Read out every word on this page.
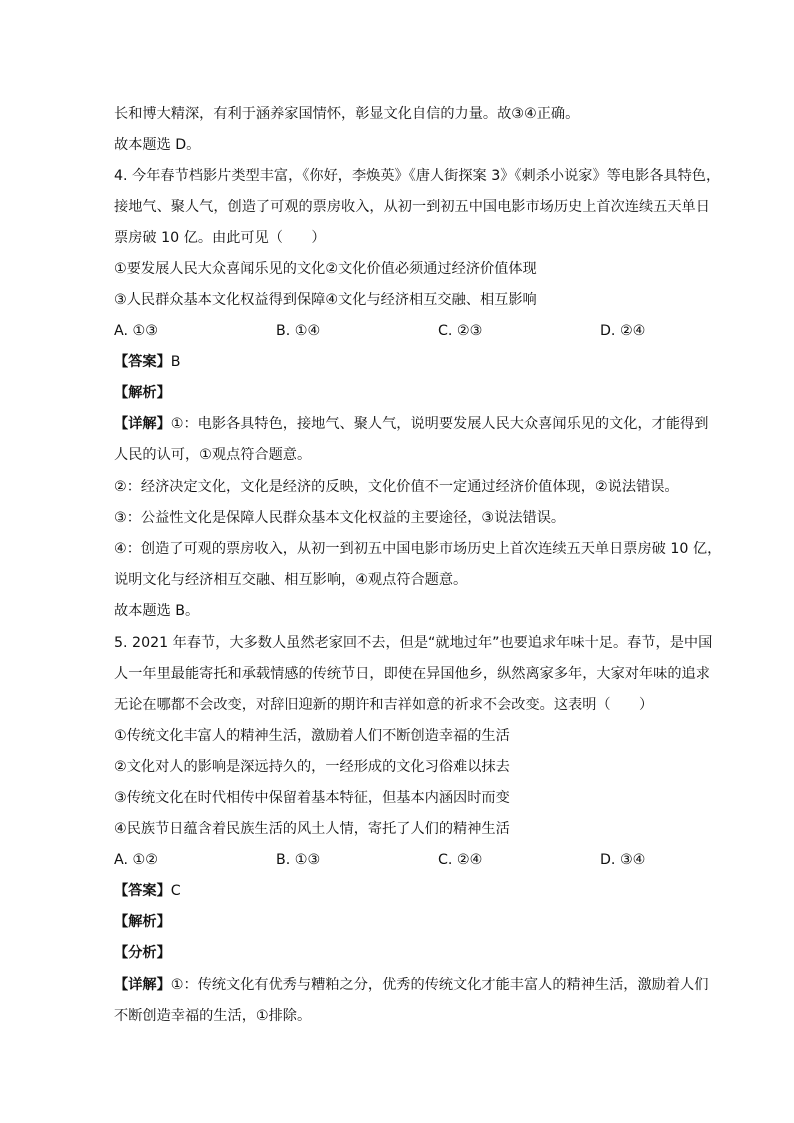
长和博大精深，有利于涵养家国情怀，彰显文化自信的力量。故③④正确。
故本题选 D。
4. 今年春节档影片类型丰富，《你好，李焕英》《唐人街探案 3》《刺杀小说家》等电影各具特色，
接地气、聚人气，创造了可观的票房收入，从初一到初五中国电影市场历史上首次连续五天单日
票房破 10 亿。由此可见（　　）
①要发展人民大众喜闻乐见的文化②文化价值必须通过经济价值体现
③人民群众基本文化权益得到保障④文化与经济相互交融、相互影响
A. ①③	B. ①④	C. ②③	D. ②④
【答案】B
【解析】
【详解】①：电影各具特色，接地气、聚人气，说明要发展人民大众喜闻乐见的文化，才能得到
人民的认可，①观点符合题意。
②：经济决定文化，文化是经济的反映，文化价值不一定通过经济价值体现，②说法错误。
③：公益性文化是保障人民群众基本文化权益的主要途径，③说法错误。
④：创造了可观的票房收入，从初一到初五中国电影市场历史上首次连续五天单日票房破 10 亿，
说明文化与经济相互交融、相互影响，④观点符合题意。
故本题选 B。
5. 2021 年春节，大多数人虽然老家回不去，但是“就地过年”也要追求年味十足。春节，是中国
人一年里最能寄托和承载情感的传统节日，即使在异国他乡，纵然离家多年，大家对年味的追求
无论在哪都不会改变，对辞旧迎新的期许和吉祥如意的祈求不会改变。这表明（　　）
①传统文化丰富人的精神生活，激励着人们不断创造幸福的生活
②文化对人的影响是深远持久的，一经形成的文化习俗难以抹去
③传统文化在时代相传中保留着基本特征，但基本内涵因时而变
④民族节日蕴含着民族生活的风土人情，寄托了人们的精神生活
A. ①②	B. ①③	C. ②④	D. ③④
【答案】C
【解析】
【分析】
【详解】①：传统文化有优秀与糟粕之分，优秀的传统文化才能丰富人的精神生活，激励着人们
不断创造幸福的生活，①排除。
